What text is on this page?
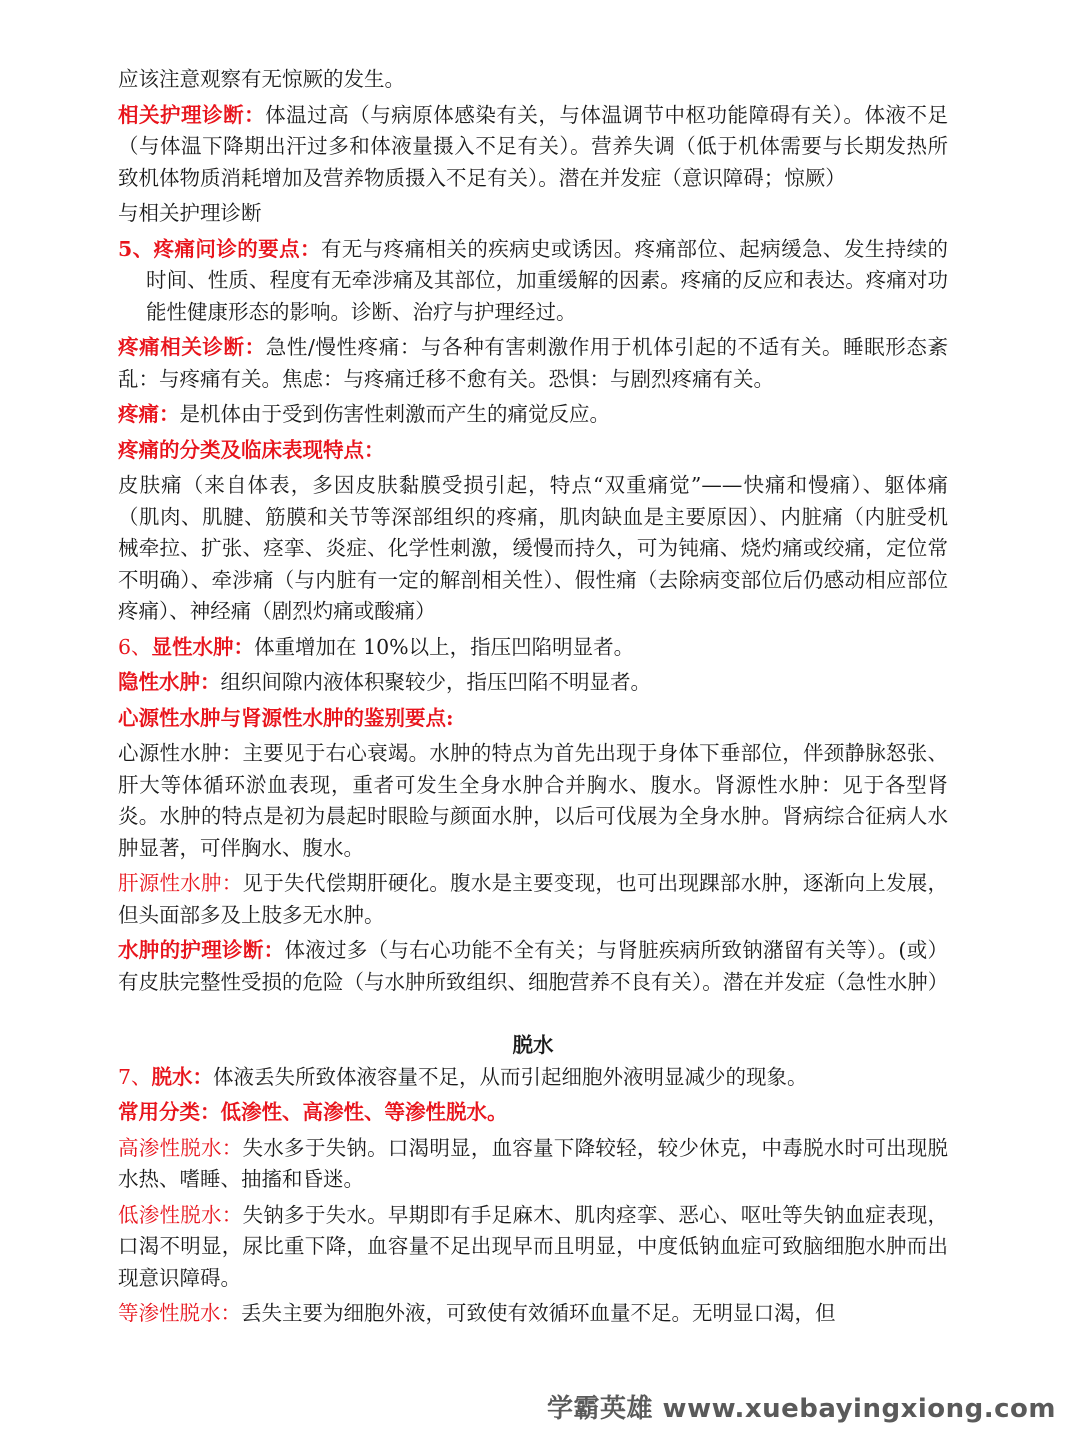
应该注意观察有无惊厥的发生。

相关护理诊断：体温过高（与病原体感染有关，与体温调节中枢功能障碍有关）。体液不足（与体温下降期出汗过多和体液量摄入不足有关）。营养失调（低于机体需要与长期发热所致机体物质消耗增加及营养物质摄入不足有关）。潜在并发症（意识障碍；惊厥）

与相关护理诊断

5、疼痛问诊的要点：有无与疼痛相关的疾病史或诱因。疼痛部位、起病缓急、发生持续的时间、性质、程度有无牵涉痛及其部位，加重缓解的因素。疼痛的反应和表达。疼痛对功能性健康形态的影响。诊断、治疗与护理经过。

疼痛相关诊断：急性/慢性疼痛：与各种有害刺激作用于机体引起的不适有关。睡眠形态紊乱：与疼痛有关。焦虑：与疼痛迁移不愈有关。恐惧：与剧烈疼痛有关。

疼痛：是机体由于受到伤害性刺激而产生的痛觉反应。

疼痛的分类及临床表现特点：

皮肤痛（来自体表，多因皮肤黏膜受损引起，特点“双重痛觉”——快痛和慢痛）、躯体痛（肌肉、肌腱、筋膜和关节等深部组织的疼痛，肌肉缺血是主要原因）、内脏痛（内脏受机械牵拉、扩张、痉挛、炎症、化学性刺激，缓慢而持久，可为钝痛、烧灼痛或绞痛，定位常不明确）、牵涉痛（与内脏有一定的解剖相关性）、假性痛（去除病变部位后仍感动相应部位疼痛）、神经痛（剧烈灼痛或酸痛）

6、显性水肿：体重增加在 10%以上，指压凹陷明显者。

隐性水肿：组织间隙内液体积聚较少，指压凹陷不明显者。

心源性水肿与肾源性水肿的鉴别要点:

心源性水肿：主要见于右心衰竭。水肿的特点为首先出现于身体下垂部位，伴颈静脉怒张、肝大等体循环淤血表现，重者可发生全身水肿合并胸水、腹水。肾源性水肿：见于各型肾炎。水肿的特点是初为晨起时眼睑与颜面水肿，以后可伐展为全身水肿。肾病综合征病人水肿显著，可伴胸水、腹水。

肝源性水肿：见于失代偿期肝硬化。腹水是主要变现，也可出现踝部水肿，逐渐向上发展，但头面部多及上肢多无水肿。

水肿的护理诊断：体液过多（与右心功能不全有关；与肾脏疾病所致钠潴留有关等）。(或）有皮肤完整性受损的危险（与水肿所致组织、细胞营养不良有关）。潜在并发症（急性水肿）

脱水

7、脱水：体液丢失所致体液容量不足，从而引起细胞外液明显减少的现象。

常用分类：低渗性、高渗性、等渗性脱水。

高渗性脱水：失水多于失钠。口渴明显，血容量下降较轻，较少休克，中毒脱水时可出现脱水热、嗜睡、抽搐和昏迷。

低渗性脱水：失钠多于失水。早期即有手足麻木、肌肉痉挛、恶心、呕吐等失钠血症表现，口渴不明显，尿比重下降，血容量不足出现早而且明显，中度低钠血症可致脑细胞水肿而出现意识障碍。

等渗性脱水：丢失主要为细胞外液，可致使有效循环血量不足。无明显口渴，但

学霸英雄 www.xuebayingxiong.com
